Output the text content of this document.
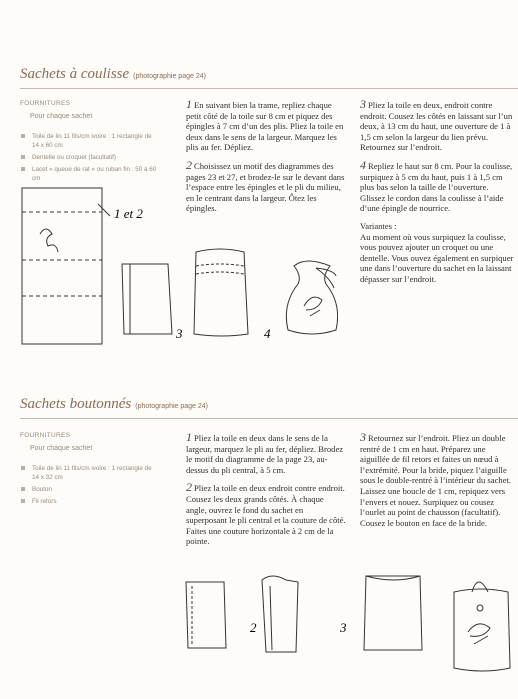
Sachets à coulisse (photographie page 24)
FOURNITURES
Pour chaque sachet
Toile de lin 11 fils/cm ivoire : 1 rectangle de 14 x 60 cm
Dentelle ou croquet (facultatif)
Lacet « queue de rat » ou ruban fin : 50 à 60 cm

1 En suivant bien la trame, repliez chaque petit côté de la toile sur 8 cm et piquez des épingles à 7 cm d’un des plis. Pliez la toile en deux dans le sens de la largeur. Marquez les plis au fer. Dépliez.

2 Choisissez un motif des diagrammes des pages 23 et 27, et brodez-le sur le devant dans l’espace entre les épingles et le pli du milieu, en le centrant dans la largeur. Ôtez les épingles.

3 Pliez la toile en deux, endroit contre endroit. Cousez les côtés en laissant sur l’un deux, à 13 cm du haut, une ouverture de 1 à 1,5 cm selon la largeur du lien prévu. Retournez sur l’endroit.

4 Repliez le haut sur 8 cm. Pour la coulisse, surpiquez à 5 cm du haut, puis 1 à 1,5 cm plus bas selon la taille de l’ouverture. Glissez le cordon dans la coulisse à l’aide d’une épingle de nourrice.

Variantes :

Au moment où vous surpiquez la coulisse, vous pouvez ajouter un croquet ou une dentelle. Vous ouvez également en surpiquer une dans l’ouverture du sachet en la laissant dépasser sur l’endroit.

1 et 2
3	4
Sachets boutonnés (photographie page 24)
FOURNITURES
Pour chaque sachet
Toile de lin 11 fils/cm ivoire : 1 rectangle de 14 x 32 cm
Bouton
Fil retors

1 Pliez la toile en deux dans le sens de la largeur, marquez le pli au fer, dépliez. Brodez le motif du diagramme de la page 23, au-dessus du pli central, à 5 cm.

2 Pliez la toile en deux endroit contre endroit. Cousez les deux grands côtés. À chaque angle, ouvrez le fond du sachet en superposant le pli central et la couture de côté. Faites une couture horizontale à 2 cm de la pointe.

3 Retournez sur l’endroit. Pliez un double rentré de 1 cm en haut. Préparez une aiguillée de fil retors et faites un nœud à l’extrémité. Pour la bride, piquez l’aiguille sous le double-rentré à l’intérieur du sachet. Laissez une boucle de 1 cm, repiquez vers l’envers et nouez. Surpiquez ou cousez l’ourlet au point de chausson (facultatif). Cousez le bouton en face de la bride.

2	3
